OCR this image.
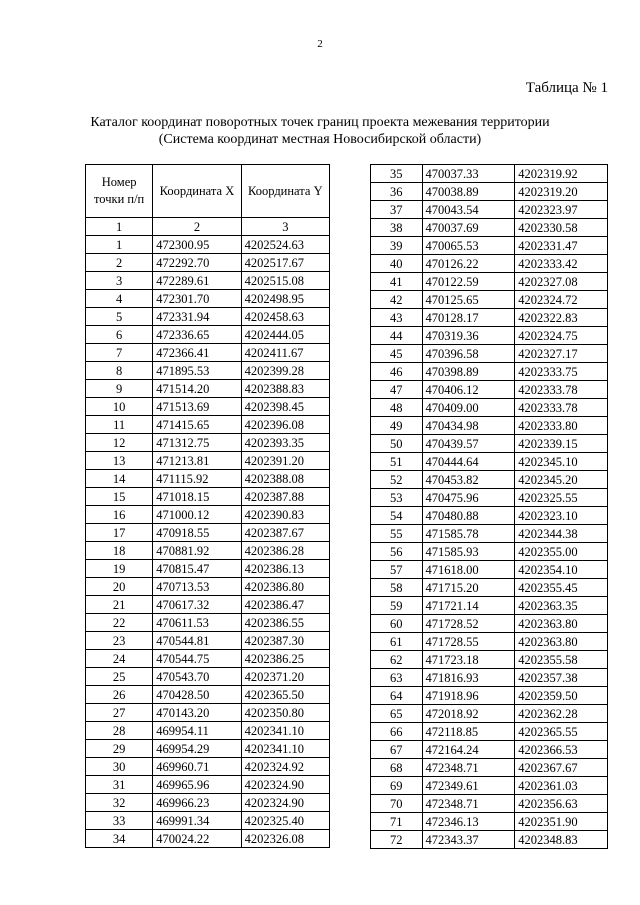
2
Таблица № 1
Каталог координат поворотных точек границ проекта межевания территории
(Система координат местная Новосибирской области)
Номер точки п/п	Координата X	Координата Y
1	2	3
1	472300.95	4202524.63
2	472292.70	4202517.67
3	472289.61	4202515.08
4	472301.70	4202498.95
5	472331.94	4202458.63
6	472336.65	4202444.05
7	472366.41	4202411.67
8	471895.53	4202399.28
9	471514.20	4202388.83
10	471513.69	4202398.45
11	471415.65	4202396.08
12	471312.75	4202393.35
13	471213.81	4202391.20
14	471115.92	4202388.08
15	471018.15	4202387.88
16	471000.12	4202390.83
17	470918.55	4202387.67
18	470881.92	4202386.28
19	470815.47	4202386.13
20	470713.53	4202386.80
21	470617.32	4202386.47
22	470611.53	4202386.55
23	470544.81	4202387.30
24	470544.75	4202386.25
25	470543.70	4202371.20
26	470428.50	4202365.50
27	470143.20	4202350.80
28	469954.11	4202341.10
29	469954.29	4202341.10
30	469960.71	4202324.92
31	469965.96	4202324.90
32	469966.23	4202324.90
33	469991.34	4202325.40
34	470024.22	4202326.08
35	470037.33	4202319.92
36	470038.89	4202319.20
37	470043.54	4202323.97
38	470037.69	4202330.58
39	470065.53	4202331.47
40	470126.22	4202333.42
41	470122.59	4202327.08
42	470125.65	4202324.72
43	470128.17	4202322.83
44	470319.36	4202324.75
45	470396.58	4202327.17
46	470398.89	4202333.75
47	470406.12	4202333.78
48	470409.00	4202333.78
49	470434.98	4202333.80
50	470439.57	4202339.15
51	470444.64	4202345.10
52	470453.82	4202345.20
53	470475.96	4202325.55
54	470480.88	4202323.10
55	471585.78	4202344.38
56	471585.93	4202355.00
57	471618.00	4202354.10
58	471715.20	4202355.45
59	471721.14	4202363.35
60	471728.52	4202363.80
61	471728.55	4202363.80
62	471723.18	4202355.58
63	471816.93	4202357.38
64	471918.96	4202359.50
65	472018.92	4202362.28
66	472118.85	4202365.55
67	472164.24	4202366.53
68	472348.71	4202367.67
69	472349.61	4202361.03
70	472348.71	4202356.63
71	472346.13	4202351.90
72	472343.37	4202348.83
